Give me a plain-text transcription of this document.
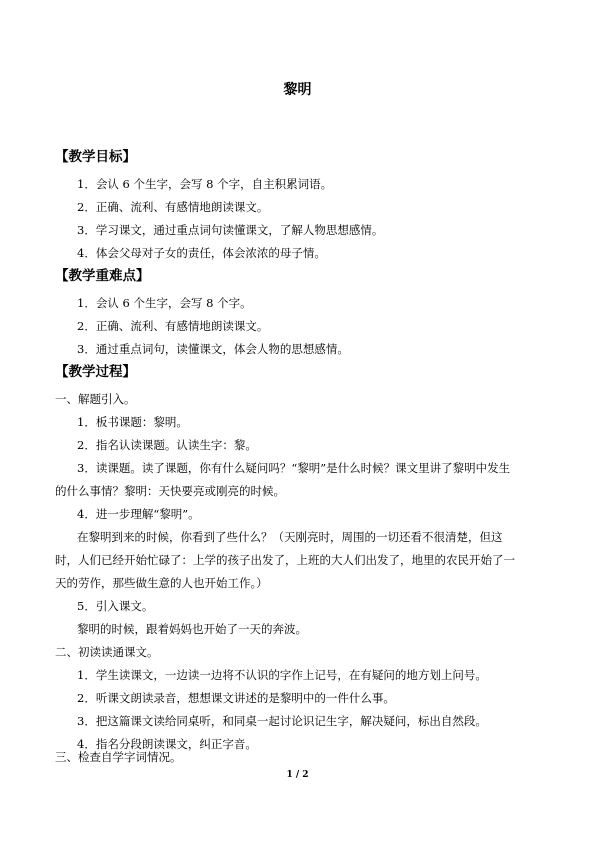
黎明
【教学目标】
1．会认 6 个生字，会写 8 个字，自主积累词语。
2．正确、流利、有感情地朗读课文。
3．学习课文，通过重点词句读懂课文，了解人物思想感情。
4．体会父母对子女的责任，体会浓浓的母子情。
【教学重难点】
1．会认 6 个生字，会写 8 个字。
2．正确、流利、有感情地朗读课文。
3．通过重点词句，读懂课文，体会人物的思想感情。
【教学过程】
一、解题引入。
1．板书课题：黎明。
2．指名认读课题。认读生字：黎。
3．读课题。读了课题，你有什么疑问吗？“黎明”是什么时候？课文里讲了黎明中发生
的什么事情？黎明：天快要亮或刚亮的时候。
4．进一步理解“黎明”。
在黎明到来的时候，你看到了些什么？（天刚亮时，周围的一切还看不很清楚，但这
时，人们已经开始忙碌了：上学的孩子出发了，上班的大人们出发了，地里的农民开始了一
天的劳作，那些做生意的人也开始工作。）
5．引入课文。
黎明的时候，跟着妈妈也开始了一天的奔波。
二、初读读通课文。
1．学生读课文，一边读一边将不认识的字作上记号，在有疑问的地方划上问号。
2．听课文朗读录音，想想课文讲述的是黎明中的一件什么事。
3．把这篇课文读给同桌听，和同桌一起讨论识记生字，解决疑问，标出自然段。
4．指名分段朗读课文，纠正字音。
三、检查自学字词情况。
1 / 2
